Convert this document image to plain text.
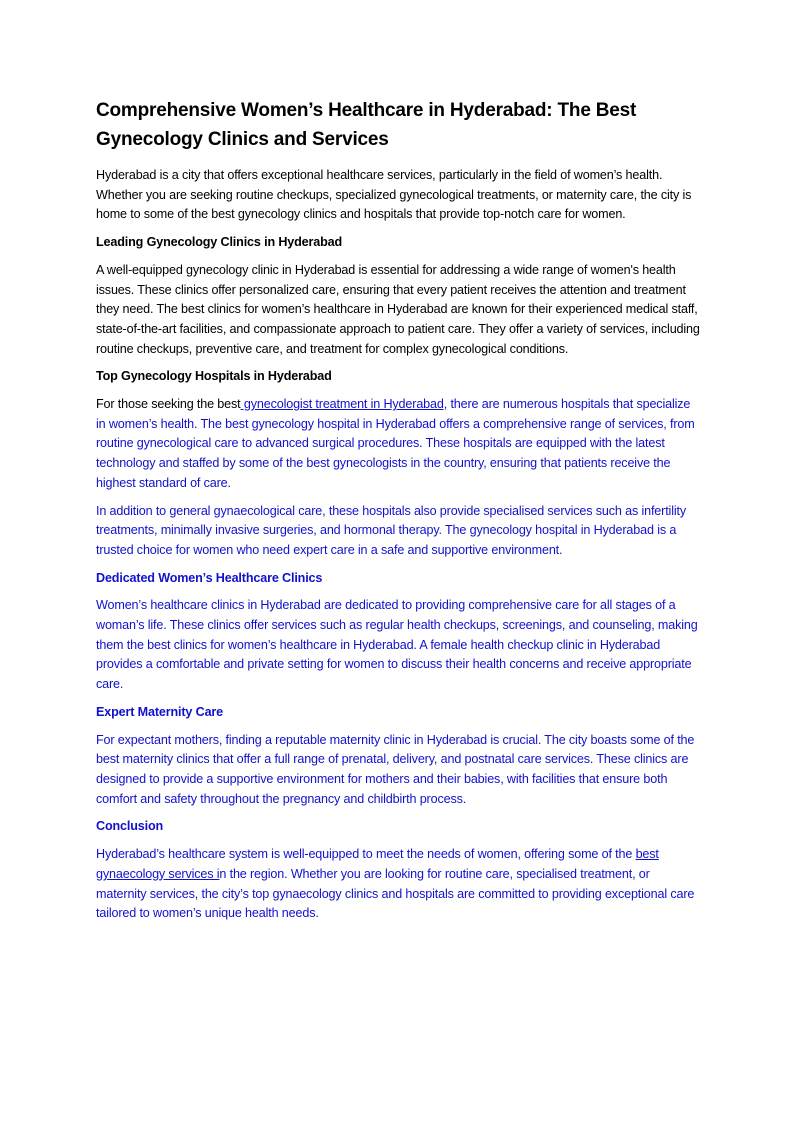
Comprehensive Women’s Healthcare in Hyderabad: The Best Gynecology Clinics and Services

Hyderabad is a city that offers exceptional healthcare services, particularly in the field of women’s health. Whether you are seeking routine checkups, specialized gynecological treatments, or maternity care, the city is home to some of the best gynecology clinics and hospitals that provide top-notch care for women.

Leading Gynecology Clinics in Hyderabad

A well-equipped gynecology clinic in Hyderabad is essential for addressing a wide range of women's health issues. These clinics offer personalized care, ensuring that every patient receives the attention and treatment they need. The best clinics for women’s healthcare in Hyderabad are known for their experienced medical staff, state-of-the-art facilities, and compassionate approach to patient care. They offer a variety of services, including routine checkups, preventive care, and treatment for complex gynecological conditions.

Top Gynecology Hospitals in Hyderabad

For those seeking the best gynecologist treatment in Hyderabad, there are numerous hospitals that specialize in women’s health. The best gynecology hospital in Hyderabad offers a comprehensive range of services, from routine gynecological care to advanced surgical procedures. These hospitals are equipped with the latest technology and staffed by some of the best gynecologists in the country, ensuring that patients receive the highest standard of care.

In addition to general gynaecological care, these hospitals also provide specialised services such as infertility treatments, minimally invasive surgeries, and hormonal therapy. The gynecology hospital in Hyderabad is a trusted choice for women who need expert care in a safe and supportive environment.

Dedicated Women’s Healthcare Clinics

Women’s healthcare clinics in Hyderabad are dedicated to providing comprehensive care for all stages of a woman’s life. These clinics offer services such as regular health checkups, screenings, and counseling, making them the best clinics for women’s healthcare in Hyderabad. A female health checkup clinic in Hyderabad provides a comfortable and private setting for women to discuss their health concerns and receive appropriate care.

Expert Maternity Care

For expectant mothers, finding a reputable maternity clinic in Hyderabad is crucial. The city boasts some of the best maternity clinics that offer a full range of prenatal, delivery, and postnatal care services. These clinics are designed to provide a supportive environment for mothers and their babies, with facilities that ensure both comfort and safety throughout the pregnancy and childbirth process.

Conclusion

Hyderabad’s healthcare system is well-equipped to meet the needs of women, offering some of the best gynaecology services in the region. Whether you are looking for routine care, specialised treatment, or maternity services, the city’s top gynaecology clinics and hospitals are committed to providing exceptional care tailored to women’s unique health needs.
